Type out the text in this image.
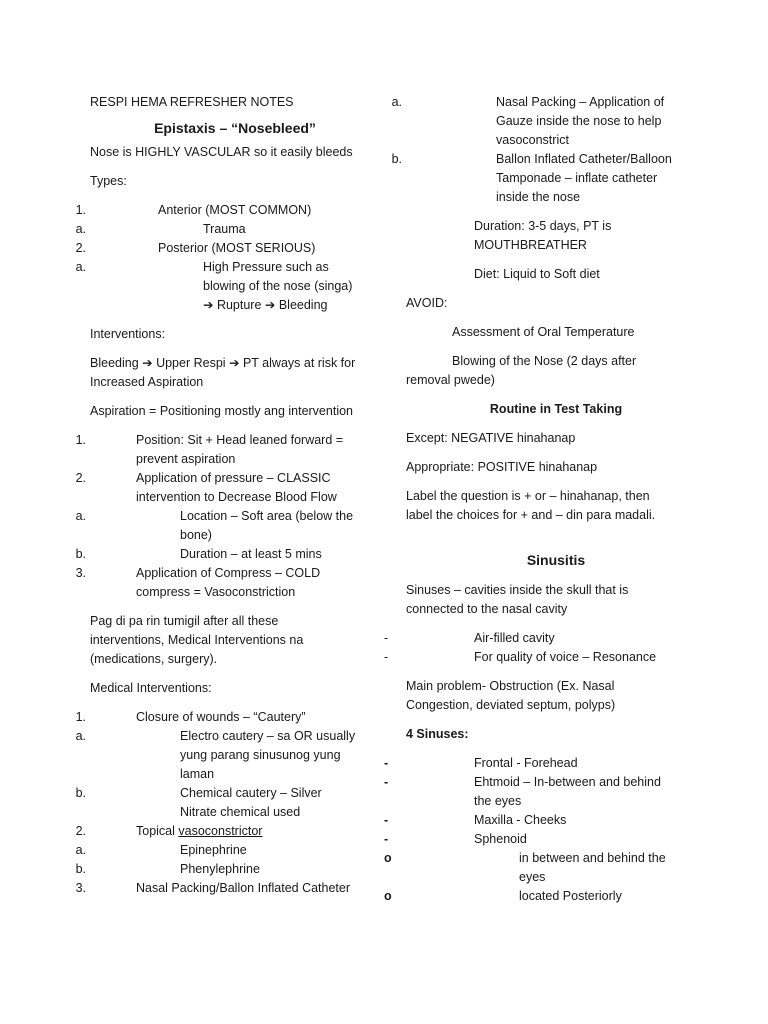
RESPI HEMA REFRESHER NOTES

Epistaxis – “Nosebleed”

Nose is HIGHLY VASCULAR so it easily bleeds

Types:

1.	Anterior (MOST COMMON)
a.	Trauma
2.	Posterior (MOST SERIOUS)
a.	High Pressure such as
blowing of the nose (singa)
➔ Rupture ➔ Bleeding

Interventions:

Bleeding ➔ Upper Respi ➔ PT always at risk for
Increased Aspiration

Aspiration = Positioning mostly ang intervention

1.	Position: Sit + Head leaned forward =
prevent aspiration
2.	Application of pressure – CLASSIC
intervention to Decrease Blood Flow
a.	Location – Soft area (below the
bone)
b.	Duration – at least 5 mins
3.	Application of Compress – COLD
compress = Vasoconstriction

Pag di pa rin tumigil after all these
interventions, Medical Interventions na
(medications, surgery).

Medical Interventions:

1.	Closure of wounds – “Cautery”
a.	Electro cautery – sa OR usually
yung parang sinusunog yung
laman
b.	Chemical cautery – Silver
Nitrate chemical used
2.	Topical vasoconstrictor
a.	Epinephrine
b.	Phenylephrine
3.	Nasal Packing/Ballon Inflated Catheter
a.	Nasal Packing – Application of
Gauze inside the nose to help
vasoconstrict
b.	Ballon Inflated Catheter/Balloon
Tamponade – inflate catheter
inside the nose

Duration: 3-5 days, PT is
MOUTHBREATHER

Diet: Liquid to Soft diet

AVOID:

Assessment of Oral Temperature

Blowing of the Nose (2 days after
removal pwede)

Routine in Test Taking

Except: NEGATIVE hinahanap

Appropriate: POSITIVE hinahanap

Label the question is + or – hinahanap, then
label the choices for + and – din para madali.

Sinusitis

Sinuses – cavities inside the skull that is
connected to the nasal cavity

-	Air-filled cavity
-	For quality of voice – Resonance

Main problem- Obstruction (Ex. Nasal
Congestion, deviated septum, polyps)

4 Sinuses:

-	Frontal - Forehead
-	Ehtmoid – In-between and behind
the eyes
-	Maxilla - Cheeks
-	Sphenoid
o	in between and behind the
eyes
o	located Posteriorly
